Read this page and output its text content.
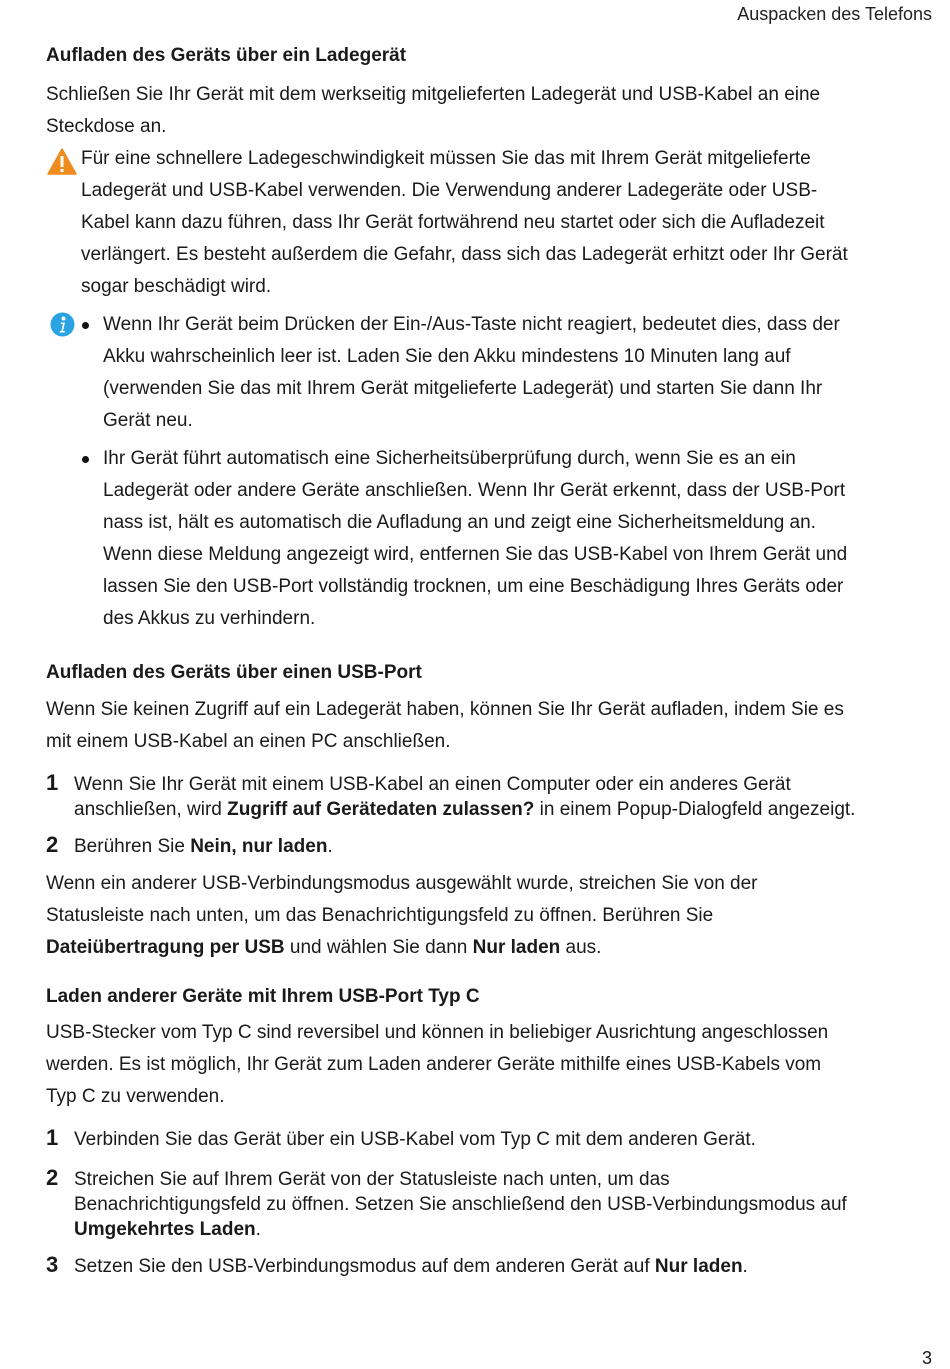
Auspacken des Telefons
Aufladen des Geräts über ein Ladegerät
Schließen Sie Ihr Gerät mit dem werkseitig mitgelieferten Ladegerät und USB-Kabel an eine
Steckdose an.
Für eine schnellere Ladegeschwindigkeit müssen Sie das mit Ihrem Gerät mitgelieferte
Ladegerät und USB-Kabel verwenden. Die Verwendung anderer Ladegeräte oder USB-
Kabel kann dazu führen, dass Ihr Gerät fortwährend neu startet oder sich die Aufladezeit
verlängert. Es besteht außerdem die Gefahr, dass sich das Ladegerät erhitzt oder Ihr Gerät
sogar beschädigt wird.
Wenn Ihr Gerät beim Drücken der Ein-/Aus-Taste nicht reagiert, bedeutet dies, dass der
Akku wahrscheinlich leer ist. Laden Sie den Akku mindestens 10 Minuten lang auf
(verwenden Sie das mit Ihrem Gerät mitgelieferte Ladegerät) und starten Sie dann Ihr
Gerät neu.
Ihr Gerät führt automatisch eine Sicherheitsüberprüfung durch, wenn Sie es an ein
Ladegerät oder andere Geräte anschließen. Wenn Ihr Gerät erkennt, dass der USB-Port
nass ist, hält es automatisch die Aufladung an und zeigt eine Sicherheitsmeldung an.
Wenn diese Meldung angezeigt wird, entfernen Sie das USB-Kabel von Ihrem Gerät und
lassen Sie den USB-Port vollständig trocknen, um eine Beschädigung Ihres Geräts oder
des Akkus zu verhindern.
Aufladen des Geräts über einen USB-Port
Wenn Sie keinen Zugriff auf ein Ladegerät haben, können Sie Ihr Gerät aufladen, indem Sie es
mit einem USB-Kabel an einen PC anschließen.
1 Wenn Sie Ihr Gerät mit einem USB-Kabel an einen Computer oder ein anderes Gerät
anschließen, wird Zugriff auf Gerätedaten zulassen? in einem Popup-Dialogfeld angezeigt.
2 Berühren Sie Nein, nur laden.
Wenn ein anderer USB-Verbindungsmodus ausgewählt wurde, streichen Sie von der
Statusleiste nach unten, um das Benachrichtigungsfeld zu öffnen. Berühren Sie
Dateiübertragung per USB und wählen Sie dann Nur laden aus.
Laden anderer Geräte mit Ihrem USB-Port Typ C
USB-Stecker vom Typ C sind reversibel und können in beliebiger Ausrichtung angeschlossen
werden. Es ist möglich, Ihr Gerät zum Laden anderer Geräte mithilfe eines USB-Kabels vom
Typ C zu verwenden.
1 Verbinden Sie das Gerät über ein USB-Kabel vom Typ C mit dem anderen Gerät.
2 Streichen Sie auf Ihrem Gerät von der Statusleiste nach unten, um das
Benachrichtigungsfeld zu öffnen. Setzen Sie anschließend den USB-Verbindungsmodus auf
Umgekehrtes Laden.
3 Setzen Sie den USB-Verbindungsmodus auf dem anderen Gerät auf Nur laden.
3
